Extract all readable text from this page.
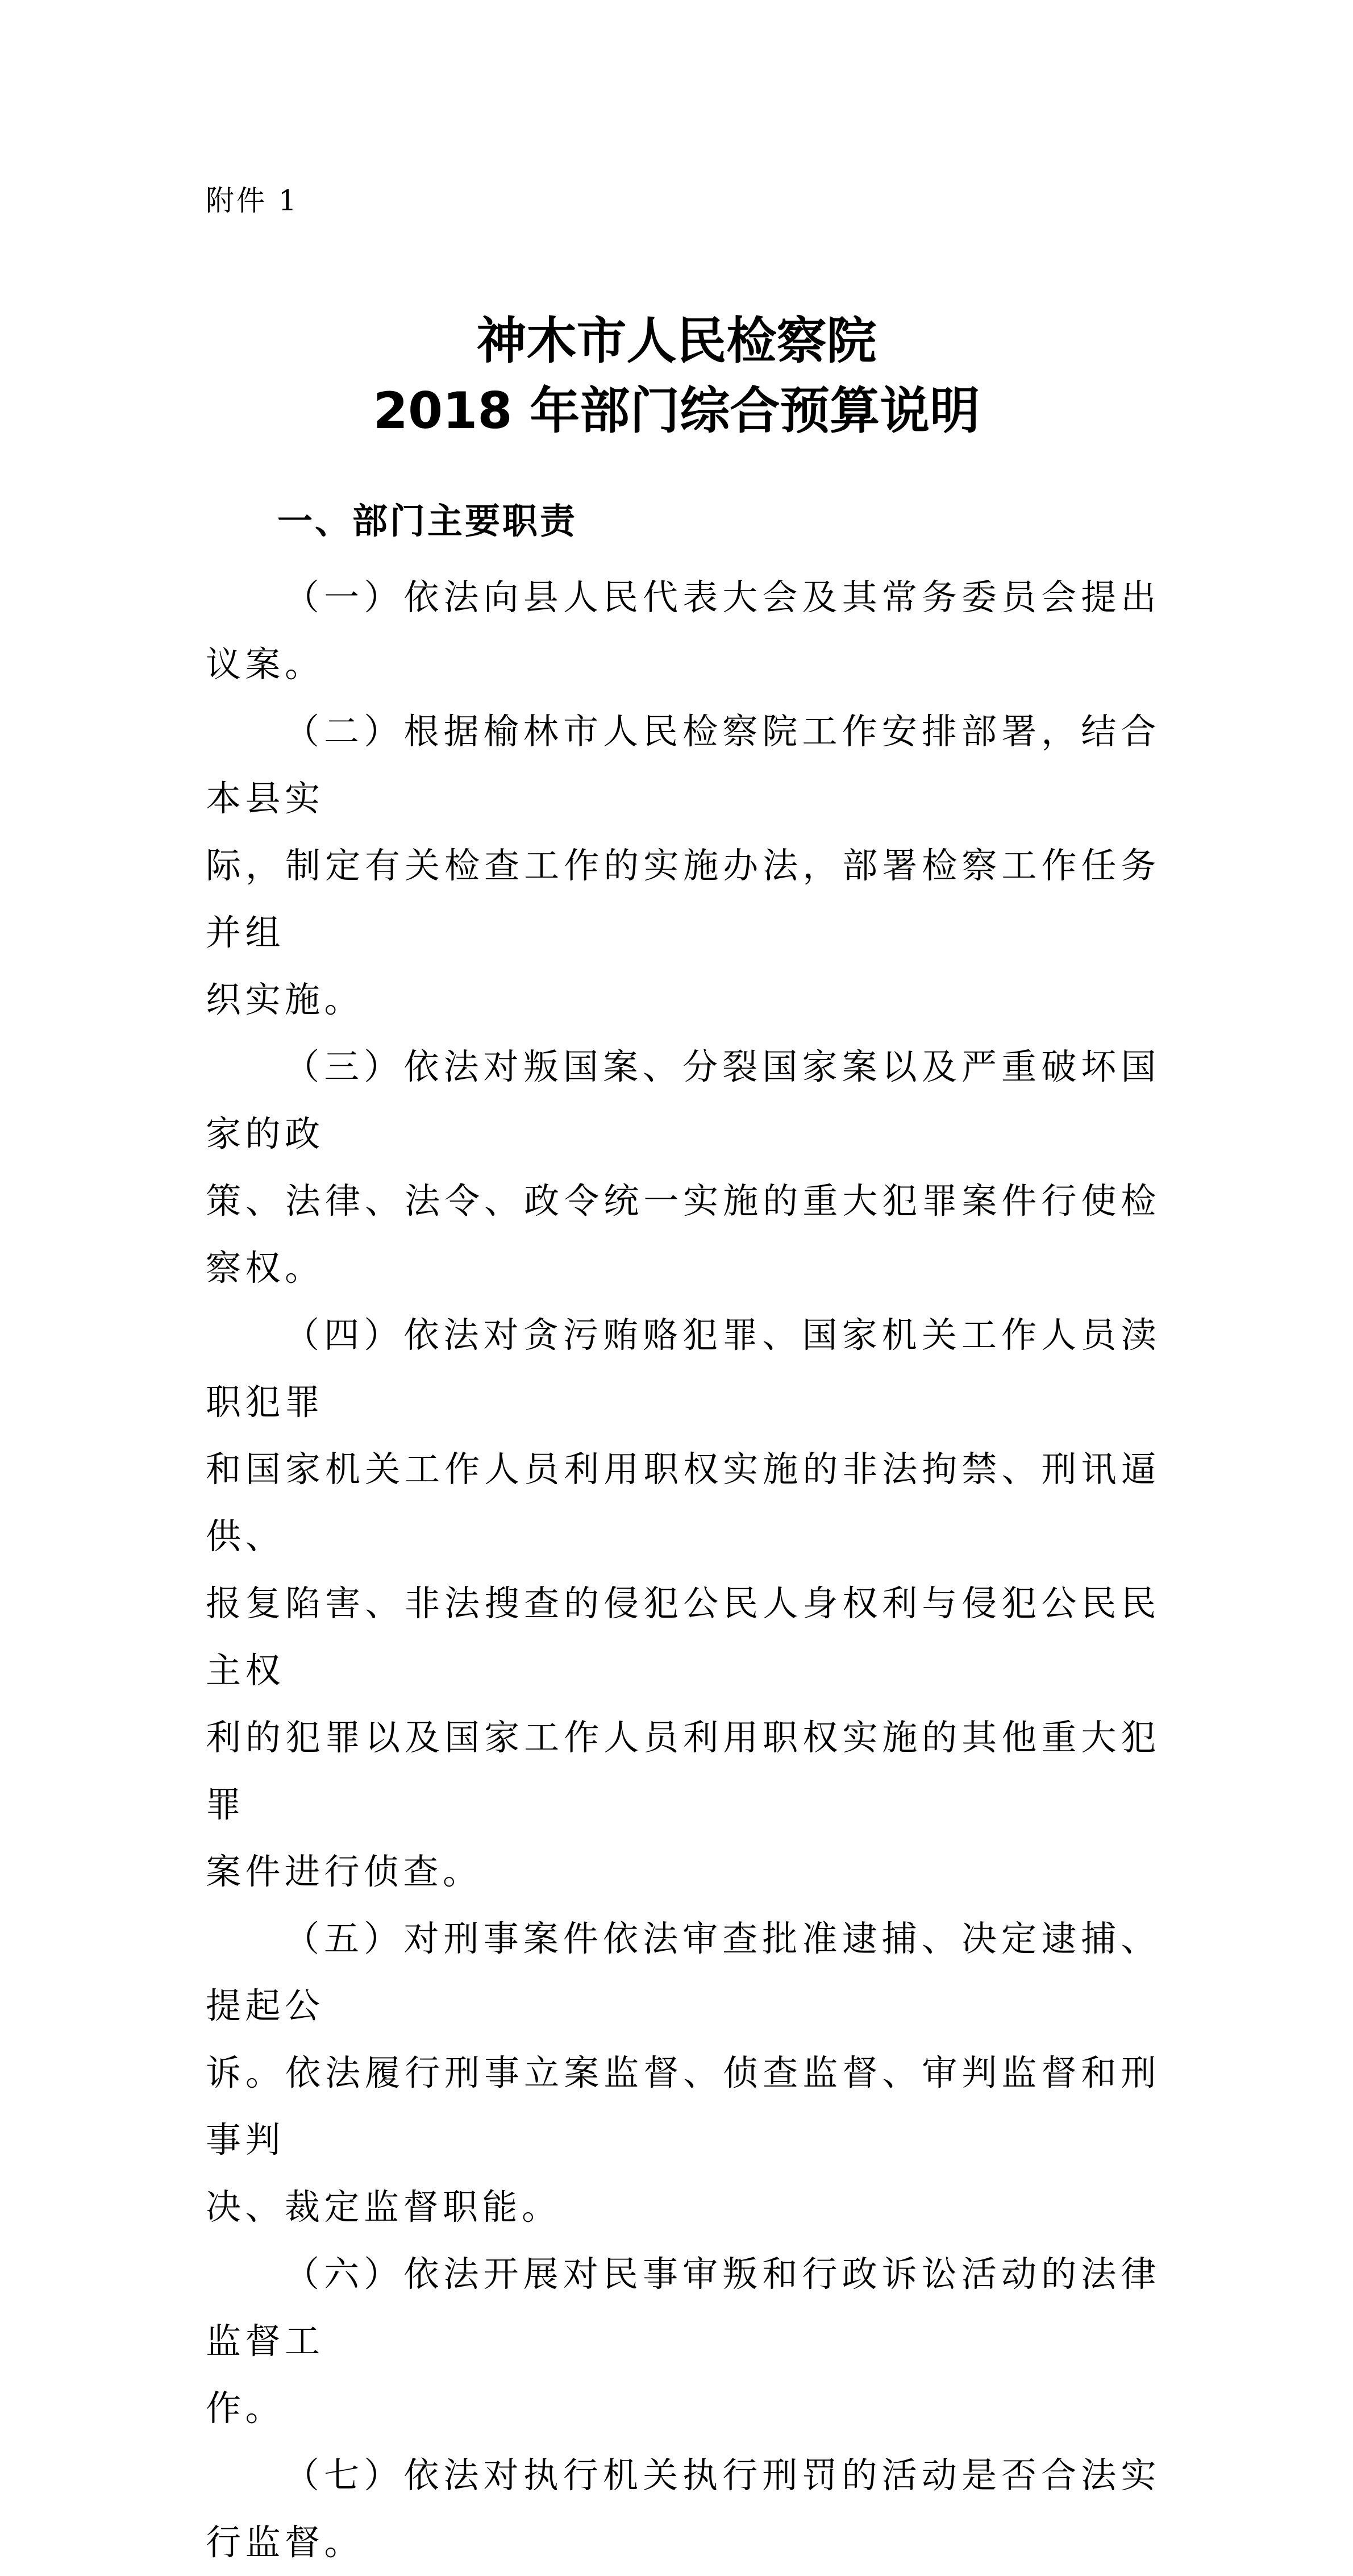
附件 1
神木市人民检察院
2018 年部门综合预算说明
一、部门主要职责

（一）依法向县人民代表大会及其常务委员会提出议案。

（二）根据榆林市人民检察院工作安排部署，结合本县实
际，制定有关检查工作的实施办法，部署检察工作任务并组
织实施。

（三）依法对叛国案、分裂国家案以及严重破坏国家的政
策、法律、法令、政令统一实施的重大犯罪案件行使检察权。

（四）依法对贪污贿赂犯罪、国家机关工作人员渎职犯罪
和国家机关工作人员利用职权实施的非法拘禁、刑讯逼供、
报复陷害、非法搜查的侵犯公民人身权利与侵犯公民民主权
利的犯罪以及国家工作人员利用职权实施的其他重大犯罪
案件进行侦查。

（五）对刑事案件依法审查批准逮捕、决定逮捕、提起公
诉。依法履行刑事立案监督、侦查监督、审判监督和刑事判
决、裁定监督职能。

（六）依法开展对民事审叛和行政诉讼活动的法律监督工
作。

（七）依法对执行机关执行刑罚的活动是否合法实行监督。
